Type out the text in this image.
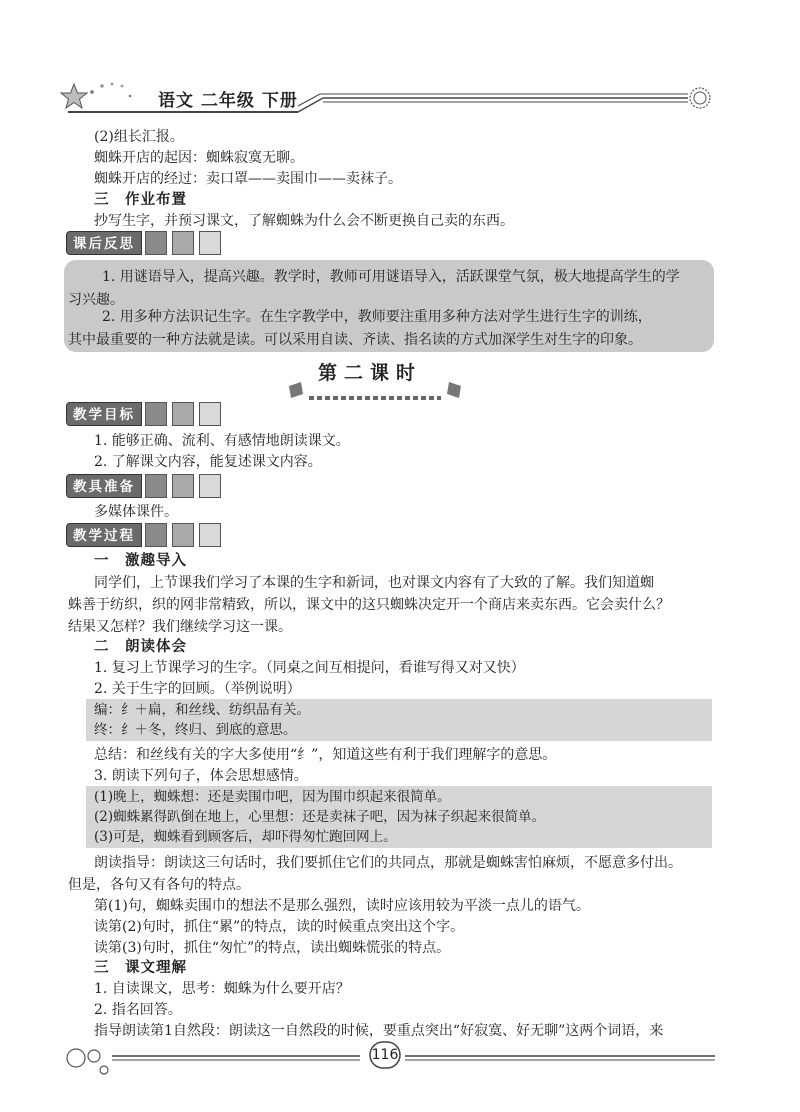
语文 二年级 下册
(2)组长汇报。
蜘蛛开店的起因：蜘蛛寂寞无聊。
蜘蛛开店的经过：卖口罩——卖围巾——卖袜子。
三　作业布置
抄写生字，并预习课文，了解蜘蛛为什么会不断更换自己卖的东西。
课后反思

1. 用谜语导入，提高兴趣。教学时，教师可用谜语导入，活跃课堂气氛，极大地提高学生的学

习兴趣。

2. 用多种方法识记生字。在生字教学中，教师要注重用多种方法对学生进行生字的训练，

其中最重要的一种方法就是读。可以采用自读、齐读、指名读的方式加深学生对生字的印象。

第二课时
教学目标
1. 能够正确、流利、有感情地朗读课文。
2. 了解课文内容，能复述课文内容。
教具准备
多媒体课件。
教学过程
一　激趣导入
同学们，上节课我们学习了本课的生字和新词，也对课文内容有了大致的了解。我们知道蜘
蛛善于纺织，织的网非常精致，所以，课文中的这只蜘蛛决定开一个商店来卖东西。它会卖什么？
结果又怎样？我们继续学习这一课。
二　朗读体会
1. 复习上节课学习的生字。（同桌之间互相提问，看谁写得又对又快）
2. 关于生字的回顾。（举例说明）
编：纟＋扁，和丝线、纺织品有关。
终：纟＋冬，终归、到底的意思。
总结：和丝线有关的字大多使用“纟”，知道这些有利于我们理解字的意思。
3. 朗读下列句子，体会思想感情。
(1)晚上，蜘蛛想：还是卖围巾吧，因为围巾织起来很简单。
(2)蜘蛛累得趴倒在地上，心里想：还是卖袜子吧，因为袜子织起来很简单。
(3)可是，蜘蛛看到顾客后，却吓得匆忙跑回网上。
朗读指导：朗读这三句话时，我们要抓住它们的共同点，那就是蜘蛛害怕麻烦，不愿意多付出。
但是，各句又有各句的特点。
第(1)句，蜘蛛卖围巾的想法不是那么强烈，读时应该用较为平淡一点儿的语气。
读第(2)句时，抓住“累”的特点，读的时候重点突出这个字。
读第(3)句时，抓住“匆忙”的特点，读出蜘蛛慌张的特点。
三　课文理解
1. 自读课文，思考：蜘蛛为什么要开店？
2. 指名回答。
指导朗读第1自然段：朗读这一自然段的时候，要重点突出“好寂寞、好无聊”这两个词语，来
116
